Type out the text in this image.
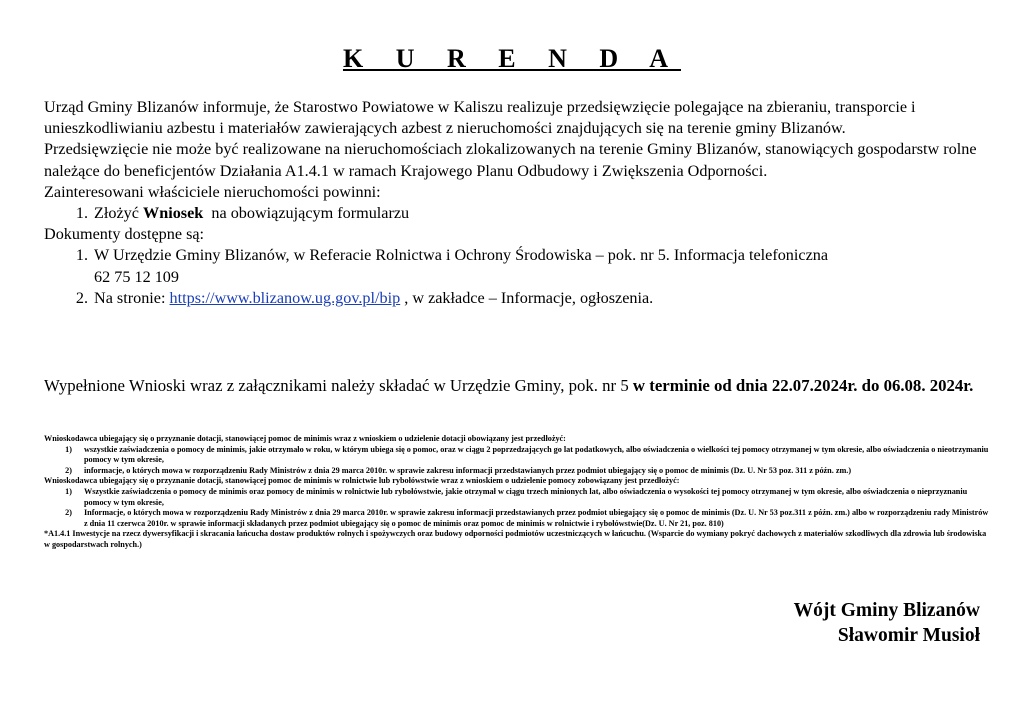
K U R E N D A

Urząd Gminy Blizanów informuje, że Starostwo Powiatowe w Kaliszu realizuje przedsięwzięcie polegające na zbieraniu, transporcie i unieszkodliwianiu azbestu i materiałów zawierających azbest z nieruchomości znajdujących się na terenie gminy Blizanów.

Przedsięwzięcie nie może być realizowane na nieruchomościach zlokalizowanych na terenie Gminy Blizanów, stanowiących gospodarstw rolne należące do beneficjentów Działania A1.4.1 w ramach Krajowego Planu Odbudowy i Zwiększenia Odporności.

Zainteresowani właściciele nieruchomości powinni:

1. Złożyć Wniosek  na obowiązującym formularzu

Dokumenty dostępne są:

1. W Urzędzie Gminy Blizanów, w Referacie Rolnictwa i Ochrony Środowiska – pok. nr 5. Informacja telefoniczna
62 75 12 109
2. Na stronie: https://www.blizanow.ug.gov.pl/bip , w zakładce – Informacje, ogłoszenia.
Wypełnione Wnioski wraz z załącznikami należy składać w Urzędzie Gminy, pok. nr 5 w terminie od dnia 22.07.2024r. do 06.08. 2024r.

Wnioskodawca ubiegający się o przyznanie dotacji, stanowiącej pomoc de minimis wraz z wnioskiem o udzielenie dotacji obowiązany jest przedłożyć:

1)	wszystkie zaświadczenia o pomocy de minimis, jakie otrzymało w roku, w którym ubiega się o pomoc, oraz w ciągu 2 poprzedzających go lat podatkowych, albo oświadczenia o wielkości tej pomocy otrzymanej w tym okresie, albo oświadczenia o nieotrzymaniu pomocy w tym okresie,
2)	informacje, o których mowa w rozporządzeniu Rady Ministrów z dnia 29 marca 2010r. w sprawie zakresu informacji przedstawianych przez podmiot ubiegający się o pomoc de minimis (Dz. U. Nr 53 poz. 311 z późn. zm.)

Wnioskodawca ubiegający się o przyznanie dotacji, stanowiącej pomoc de minimis w rolnictwie lub rybołówstwie wraz z wnioskiem o udzielenie pomocy zobowiązany jest przedłożyć:

1)	Wszystkie zaświadczenia o pomocy de minimis oraz pomocy de minimis w rolnictwie lub rybołówstwie, jakie otrzymał w ciągu trzech minionych lat, albo oświadczenia o wysokości tej pomocy otrzymanej w tym okresie, albo oświadczenia o nieprzyznaniu pomocy w tym okresie,
2)	Informacje, o których mowa w rozporządzeniu Rady Ministrów z dnia 29 marca 2010r. w sprawie zakresu informacji przedstawianych przez podmiot ubiegający się o pomoc de minimis (Dz. U. Nr 53 poz.311 z późn. zm.) albo w rozporządzeniu rady Ministrów z dnia 11 czerwca 2010r. w sprawie informacji składanych przez podmiot ubiegający się o pomoc de minimis oraz pomoc de minimis w rolnictwie i rybołówstwie(Dz. U. Nr 21, poz. 810)

*A1.4.1 Inwestycje na rzecz dywersyfikacji i skracania łańcucha dostaw produktów rolnych i spożywczych oraz budowy odporności podmiotów uczestniczących w łańcuchu. (Wsparcie do wymiany pokryć dachowych z materiałów szkodliwych dla zdrowia lub środowiska w gospodarstwach rolnych.)

Wójt Gminy Blizanów
Sławomir Musioł
